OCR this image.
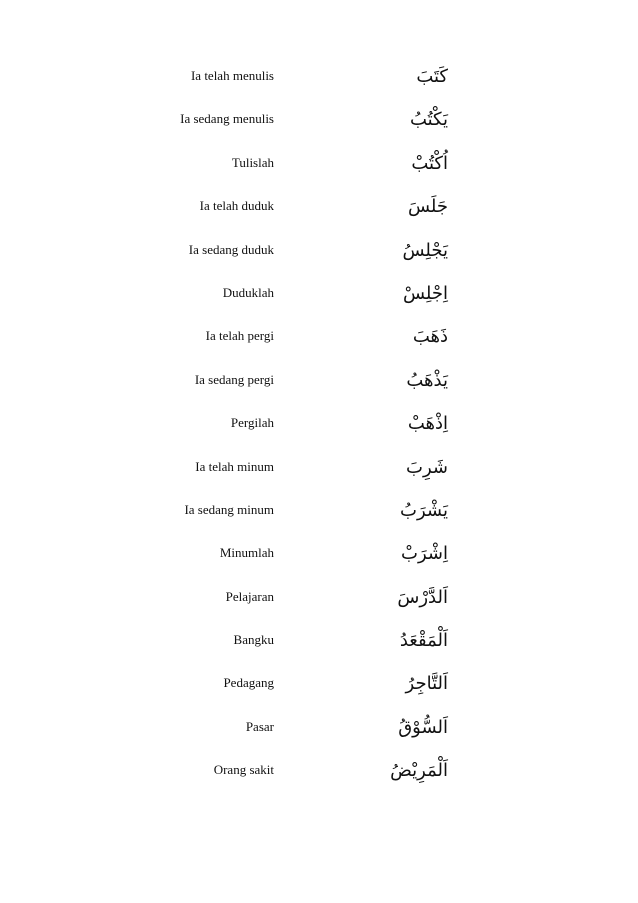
Ia telah menulis	كَتَبَ
Ia sedang menulis	يَكْتُبُ
Tulislah	اُكْتُبْ
Ia telah duduk	جَلَسَ
Ia sedang duduk	يَجْلِسُ
Duduklah	اِجْلِسْ
Ia telah pergi	ذَهَبَ
Ia sedang pergi	يَذْهَبُ
Pergilah	اِذْهَبْ
Ia telah minum	شَرِبَ
Ia sedang minum	يَشْرَبُ
Minumlah	اِشْرَبْ
Pelajaran	اَلدَّرْسَ
Bangku	اَلْمَقْعَدُ
Pedagang	اَلتَّاجِرُ
Pasar	اَلسُّوْقُ
Orang sakit	اَلْمَرِيْضُ
